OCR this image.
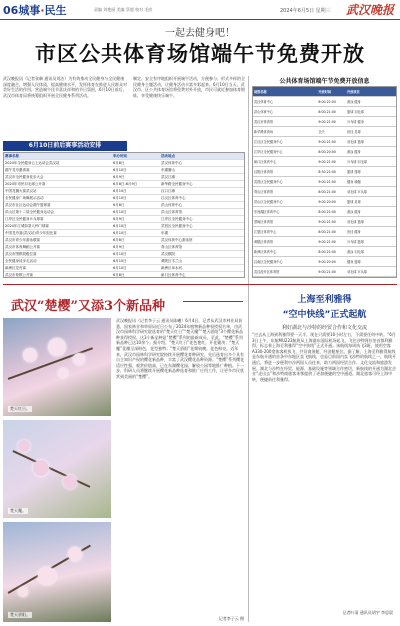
06城事·民生	责编 刘艳丽 美编 蔡超 校对 毛欣	2024年6月5日 星期三 武汉晚报
一起去健身吧！
市区公共体育场馆端午节免费开放
武汉晚报讯（记者张琳 通讯员刘洁）为有效推动全民健身与全民健康深度融合，增强人民体质，提高健康水平，发挥体育在推进人民群众对美好生活的作用，营造端午佳节喜庆祥和的节日氛围，6月10日前后，武汉市体育局将统筹组织开展全民健身系列活动。
制定、安全有序地组织开展端午活动，方便参与、形式多样的全民健身主题活动，让健身活动丰富多彩起来。6月10日当天，武汉市、区公共体育场馆将免费对外开放，市民可就近参加体育锻炼，享受健康快乐端午。
公共体育场馆端午节免费开放信息
场馆名称	开放时间	开放项目
武汉体育中心	6:00-22:00	游泳 健身
洪山体育中心	8:00-21:00	篮球 羽毛球
武汉市体育馆	9:00-21:00	乒乓球 健身
新华路体育场	全天	田径 足球
江汉区全民健身中心	9:00-21:00	羽毛球 篮球
江岸区全民健身中心	8:00-20:00	游泳 健身
硚口区体育中心	9:00-21:00	乒乓球 羽毛球
汉阳区体育馆	8:30-21:00	篮球 排球
武昌区全民健身中心	9:00-21:00	健身 瑜伽
青山区体育馆	8:00-21:00	羽毛球 乒乓球
洪山区全民健身中心	9:00-20:00	篮球 足球
东西湖区体育中心	8:00-21:00	游泳 健身
蔡甸区体育馆	9:00-21:00	羽毛球 篮球
江夏区体育中心	8:00-21:00	田径 健身
黄陂区体育馆	9:00-21:00	乒乓球 篮球
新洲区体育中心	8:00-21:00	游泳 羽毛球
汉南区全民健身中心	9:00-20:00	健身 篮球
武汉经开区体育馆	9:00-21:00	羽毛球 乒乓球
6月10日前后赛事活动安排
赛事名称	举办时间	活动地点
2024年全民健身云上运动会武汉站	6月8日	武汉体育中心
端午龙舟邀请赛	6月10日	东湖磨山
武汉市全民健身徒步大会	6月9日	武汉江滩
2024年市民羽毛球公开赛	6月8日-6月9日	新华路全民健身中心
中国龙狮大赛武汉站	6月10日	汉口江滩
全民健身广场舞展示活动	6月10日	江汉区体育中心
武汉市社区运动会端午篮球赛	6月8日	洪山体育中心
洪山区第十二届全民健身运动会	6月10日	洪山区体育馆
江岸区全民健身乒乓球赛	6月9日	江岸区全民健身中心
2024年江城如茶人杯门球赛	6月10日	武昌区全民健身中心
中国龙舟赛(武汉站)青少年组比赛	6月10日	东湖
武汉市青少年游泳联赛	6月8日	武汉体育中心游泳馆
武汉市体育舞蹈公开赛	6月9日	青山区体育馆
武汉市围棋段级位赛	6月10日	武汉棋院
全民健身徒步走活动	6月10日	黄陂区木兰山
新洲区龙舟赛	6月10日	新洲区举水河
武汉市象棋公开赛	6月8日	硚口区体育中心
武汉“楚樱”又添3个新品种
楚天红日。
楚天魔。
楚天骄阳。
武汉晚报讯（记者李子云 通讯员陈曦）6月4日，记者从武汉市林业局获悉，国家林业和草原局近日公布了2024年植物新品种权授权名单，由武汉市园林科学研究院选育的“楚天红日”“楚天魔”“楚天骄阳”3个樱花新品种获得授权。这3个新品种是“楚樱”系列的最新成员，至此，“楚樱”系列新品种已达10余个。据介绍，“楚天红日”花色艳红，开花繁茂；“楚天魔”花瓣呈深粉色，花型独特；“楚天骄阳”花期较晚，花色鲜亮。近年来，武汉市园林科学研究院持续开展樱花育种研究，先后选育出多个具有自主知识产权的樱花新品种，丰富了武汉樱花品种资源。“楚樱”系列樱花适应性强，观赏价值高，已在东湖樱花园、解放公园等地推广种植。下一步，科研人员将继续开展樱花新品种选育和推广应用工作，让更多市民欣赏到美丽的“楚樱”。
记者李子云 摄
上海至利雅得
“空中快线”正式起航
利好湖北与沙特的经贸合作和文化交流
“过去从上海到利雅得要一天半，现在只需要10小时左右，不需要任何中转。”6月3日上午，东航MU223航班从上海浦东国际机场起飞，飞往沙特阿拉伯首都利雅得，标志着上海至利雅得“空中快线”正式开通。该航线每周执飞3班，使用空客A330-200宽体客机执飞，共设商务舱、经济舱座位。据了解，上海至利雅得航线是东航开通的首条中东地区直飞航线，也是目前国内直飞沙特的航线之一。航线开通后，将进一步便利中沙两国人员往来，助力两国经贸合作、文化交流和旅游发展。湖北与沙特在经贸、能源、基础设施等领域合作密切，新航线的开通为湖北企业“走出去”和沙特商旅客来鄂提供了更加便捷的空中通道。湖北旅客可经上海中转，便捷前往利雅得。
记者叶清 通讯员胡宇 李思晨
